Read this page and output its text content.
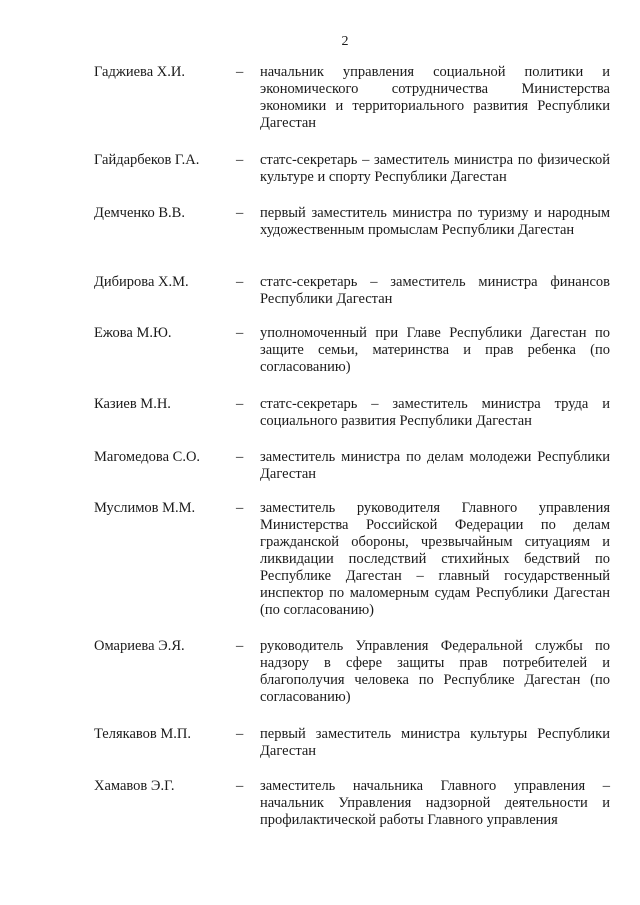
2
Гаджиева Х.И.	– начальник управления социальной политики и экономического сотрудничества Министерства экономики и территориального развития Республики Дагестан
Гайдарбеков Г.А.	– статс-секретарь – заместитель министра по физической культуре и спорту Республики Дагестан
Демченко В.В.	– первый заместитель министра по туризму и народным художественным промыслам Республики Дагестан
Дибирова Х.М.	– статс-секретарь – заместитель министра финансов Республики Дагестан
Ежова М.Ю.	– уполномоченный при Главе Республики Дагестан по защите семьи, материнства и прав ребенка (по согласованию)
Казиев М.Н.	– статс-секретарь – заместитель министра труда и социального развития Республики Дагестан
Магомедова С.О. – заместитель министра по делам молодежи Республики Дагестан
Муслимов М.М.	– заместитель руководителя Главного управления Министерства Российской Федерации по делам гражданской обороны, чрезвычайным ситуациям и ликвидации последствий стихийных бедствий по Республике Дагестан – главный государственный инспектор по маломерным судам Республики Дагестан (по согласованию)
Омариева Э.Я.	– руководитель Управления Федеральной службы по надзору в сфере защиты прав потребителей и благополучия человека по Республике Дагестан (по согласованию)
Телякавов М.П.	– первый заместитель министра культуры Республики Дагестан
Хамавов Э.Г.	– заместитель начальника Главного управления – начальник Управления надзорной деятельности и профилактической работы Главного управления
